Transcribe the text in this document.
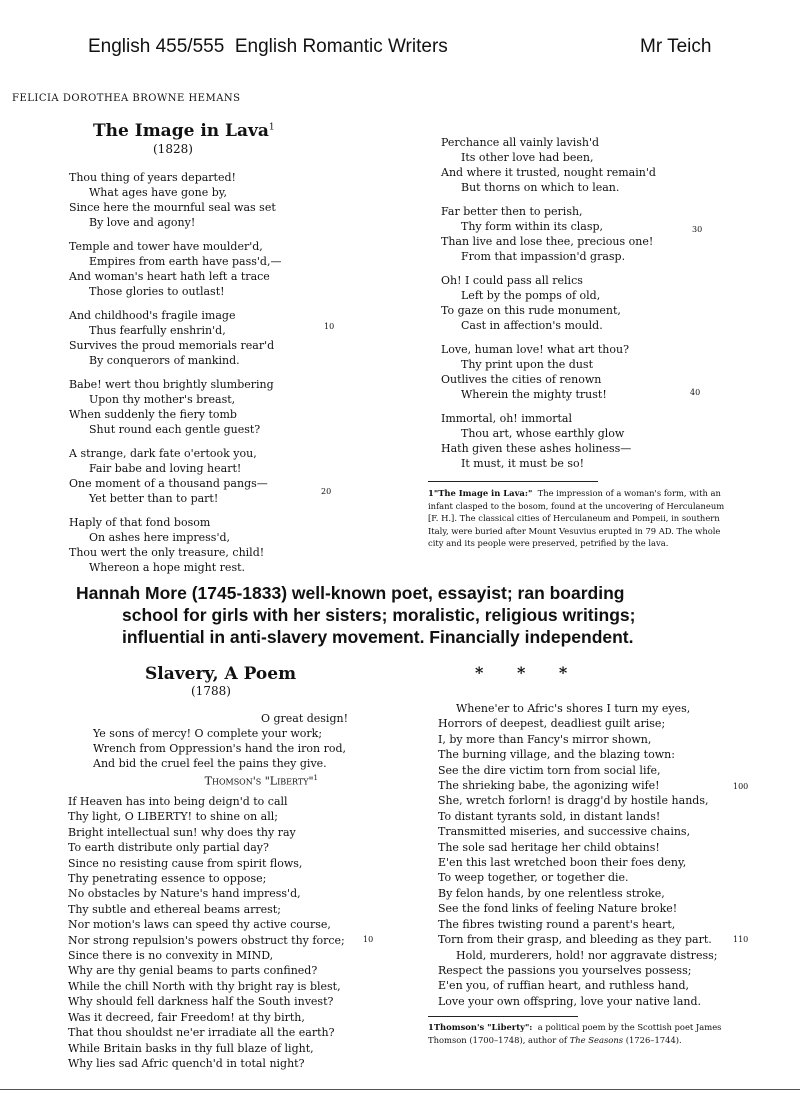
English 455/555 English Romantic Writers	Mr Teich
FELICIA DOROTHEA BROWNE HEMANS
The Image in Lava$^1$
(1828)
Thou thing of years departed!
What ages have gone by,
Since here the mournful seal was set
By love and agony!
Temple and tower have moulder'd,
Empires from earth have pass'd,—
And woman's heart hath left a trace
Those glories to outlast!
And childhood's fragile image
Thus fearfully enshrin'd,
Survives the proud memorials rear'd
By conquerors of mankind.
Babe! wert thou brightly slumbering
Upon thy mother's breast,
When suddenly the fiery tomb
Shut round each gentle guest?
A strange, dark fate o'ertook you,
Fair babe and loving heart!
One moment of a thousand pangs—
Yet better than to part!
Haply of that fond bosom
On ashes here impress'd,
Thou wert the only treasure, child!
Whereon a hope might rest.
Perchance all vainly lavish'd
Its other love had been,
And where it trusted, nought remain'd
But thorns on which to lean.
Far better then to perish,
Thy form within its clasp,
Than live and lose thee, precious one!
From that impassion'd grasp.
Oh! I could pass all relics
Left by the pomps of old,
To gaze on this rude monument,
Cast in affection's mould.
Love, human love! what art thou?
Thy print upon the dust
Outlives the cities of renown
Wherein the mighty trust!
Immortal, oh! immortal
Thou art, whose earthly glow
Hath given these ashes holiness—
It must, it must be so!
10
20
30
40
1"The Image in Lava:" The impression of a woman's form, with an infant clasped to the bosom, found at the uncovering of Herculaneum [F. H.]. The classical cities of Herculaneum and Pompeii, in southern Italy, were buried after Mount Vesuvius erupted in 79 AD. The whole city and its people were preserved, petrified by the lava.
Hannah More (1745-1833) well-known poet, essayist; ran boarding
school for girls with her sisters; moralistic, religious writings;
influential in anti-slavery movement. Financially independent.
Slavery, A Poem
(1788)
O great design!
Ye sons of mercy! O complete your work;
Wrench from Oppression's hand the iron rod,
And bid the cruel feel the pains they give.
Thomson's "Liberty"$^1$
If Heaven has into being deign'd to call
Thy light, O LIBERTY! to shine on all;
Bright intellectual sun! why does thy ray
To earth distribute only partial day?
Since no resisting cause from spirit flows,
Thy penetrating essence to oppose;
No obstacles by Nature's hand impress'd,
Thy subtle and ethereal beams arrest;
Nor motion's laws can speed thy active course,
Nor strong repulsion's powers obstruct thy force;
Since there is no convexity in MIND,
Why are thy genial beams to parts confined?
While the chill North with thy bright ray is blest,
Why should fell darkness half the South invest?
Was it decreed, fair Freedom! at thy birth,
That thou shouldst ne'er irradiate all the earth?
While Britain basks in thy full blaze of light,
Why lies sad Afric quench'd in total night?
* * *
Whene'er to Afric's shores I turn my eyes,
Horrors of deepest, deadliest guilt arise;
I, by more than Fancy's mirror shown,
The burning village, and the blazing town:
See the dire victim torn from social life,
The shrieking babe, the agonizing wife!
She, wretch forlorn! is dragg'd by hostile hands,
To distant tyrants sold, in distant lands!
Transmitted miseries, and successive chains,
The sole sad heritage her child obtains!
E'en this last wretched boon their foes deny,
To weep together, or together die.
By felon hands, by one relentless stroke,
See the fond links of feeling Nature broke!
The fibres twisting round a parent's heart,
Torn from their grasp, and bleeding as they part.
Hold, murderers, hold! nor aggravate distress;
Respect the passions you yourselves possess;
E'en you, of ruffian heart, and ruthless hand,
Love your own offspring, love your native land.
10
100
110
1Thomson's "Liberty": a political poem by the Scottish poet James Thomson (1700–1748), author of The Seasons (1726–1744).
